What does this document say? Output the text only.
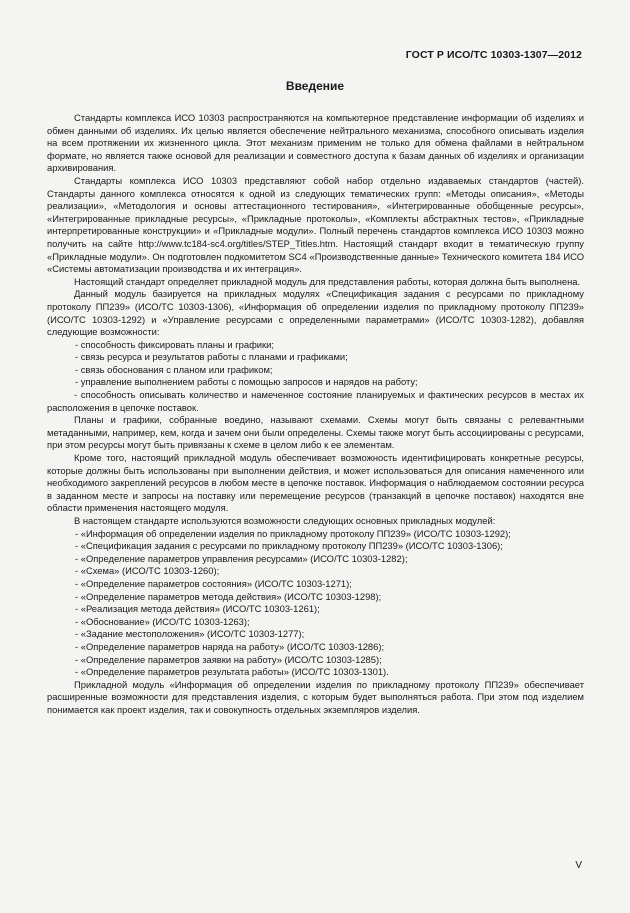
ГОСТ Р ИСО/ТС 10303-1307—2012
Введение

Стандарты комплекса ИСО 10303 распространяются на компьютерное представление информации об изделиях и обмен данными об изделиях. Их целью является обеспечение нейтрального механизма, способного описывать изделия на всем протяжении их жизненного цикла. Этот механизм применим не только для обмена файлами в нейтральном формате, но является также основой для реализации и совместного доступа к базам данных об изделиях и организации архивирования.

Стандарты комплекса ИСО 10303 представляют собой набор отдельно издаваемых стандартов (частей). Стандарты данного комплекса относятся к одной из следующих тематических групп: «Методы описания», «Методы реализации», «Методология и основы аттестационного тестирования», «Интегрированные обобщенные ресурсы», «Интегрированные прикладные ресурсы», «Прикладные протоколы», «Комплекты абстрактных тестов», «Прикладные интерпретированные конструкции» и «Прикладные модули». Полный перечень стандартов комплекса ИСО 10303 можно получить на сайте http://www.tc184-sc4.org/titles/STEP_Titles.htm. Настоящий стандарт входит в тематическую группу «Прикладные модули». Он подготовлен подкомитетом SC4 «Производственные данные» Технического комитета 184 ИСО «Системы автоматизации производства и их интеграция».

Настоящий стандарт определяет прикладной модуль для представления работы, которая должна быть выполнена.

Данный модуль базируется на прикладных модулях «Спецификация задания с ресурсами по прикладному протоколу ПП239» (ИСО/ТС 10303-1306), «Информация об определении изделия по прикладному протоколу ПП239» (ИСО/ТС 10303-1292) и «Управление ресурсами с определенными параметрами» (ИСО/ТС 10303-1282), добавляя следующие возможности:

- способность фиксировать планы и графики;

- связь ресурса и результатов работы с планами и графиками;

- связь обоснования с планом или графиком;

- управление выполнением работы с помощью запросов и нарядов на работу;

- способность описывать количество и намеченное состояние планируемых и фактических ресурсов в местах их расположения в цепочке поставок.

Планы и графики, собранные воедино, называют схемами. Схемы могут быть связаны с релевантными метаданными, например, кем, когда и зачем они были определены. Схемы также могут быть ассоциированы с ресурсами, при этом ресурсы могут быть привязаны к схеме в целом либо к ее элементам.

Кроме того, настоящий прикладной модуль обеспечивает возможность идентифицировать конкретные ресурсы, которые должны быть использованы при выполнении действия, и может использоваться для описания намеченного или необходимого закреплений ресурсов в любом месте в цепочке поставок. Информация о наблюдаемом состоянии ресурса в заданном месте и запросы на поставку или перемещение ресурсов (транзакций в цепочке поставок) находятся вне области применения настоящего модуля.

В настоящем стандарте используются возможности следующих основных прикладных модулей:

- «Информация об определении изделия по прикладному протоколу ПП239» (ИСО/ТС 10303-1292);

- «Спецификация задания с ресурсами по прикладному протоколу ПП239» (ИСО/ТС 10303-1306);

- «Определение параметров управления ресурсами» (ИСО/ТС 10303-1282);

- «Схема» (ИСО/ТС 10303-1260);

- «Определение параметров состояния» (ИСО/ТС 10303-1271);

- «Определение параметров метода действия» (ИСО/ТС 10303-1298);

- «Реализация метода действия» (ИСО/ТС 10303-1261);

- «Обоснование» (ИСО/ТС 10303-1263);

- «Задание местоположения» (ИСО/ТС 10303-1277);

- «Определение параметров наряда на работу» (ИСО/ТС 10303-1286);

- «Определение параметров заявки на работу» (ИСО/ТС 10303-1285);

- «Определение параметров результата работы» (ИСО/ТС 10303-1301).

Прикладной модуль «Информация об определении изделия по прикладному протоколу ПП239» обеспечивает расширенные возможности для представления изделия, с которым будет выполняться работа. При этом под изделием понимается как проект изделия, так и совокупность отдельных экземпляров изделия.

V
